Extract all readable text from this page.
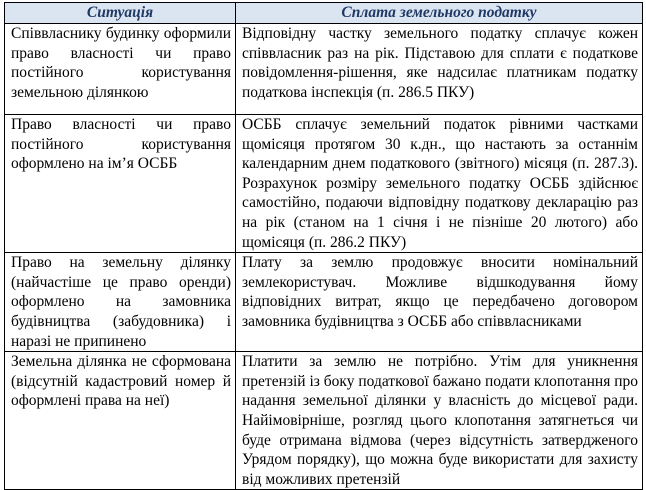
Ситуація	Сплата земельного податку
Співвласнику будинку оформили право власності чи право постійного користування земельною ділянкою	Відповідну частку земельного податку сплачує кожен співвласник раз на рік. Підставою для сплати є податкове повідомлення-рішення, яке надсилає платникам податку податкова інспекція (п. 286.5 ПКУ)
Право власності чи право постійного користування оформлено на ім’я ОСББ	ОСББ сплачує земельний податок рівними частками щомісяця протягом 30 к.дн., що настають за останнім календарним днем податкового (звітного) місяця (п. 287.3). Розрахунок розміру земельного податку ОСББ здійснює самостійно, подаючи відповідну податкову декларацію раз на рік (станом на 1 січня і не пізніше 20 лютого) або щомісяця (п. 286.2 ПКУ)
Право на земельну ділянку (найчастіше це право оренди) оформлено на замовника будівництва (забудовника) і наразі не припинено	Плату за землю продовжує вносити номінальний землекористувач. Можливе відшкодування йому відповідних витрат, якщо це передбачено договором замовника будівництва з ОСББ або співвласниками
Земельна ділянка не сформована (відсутній кадастровий номер й оформлені права на неї)	Платити за землю не потрібно. Утім для уникнення претензій із боку податкової бажано подати клопотання про надання земельної ділянки у власність до місцевої ради. Найімовірніше, розгляд цього клопотання затягнеться чи буде отримана відмова (через відсутність затвердженого Урядом порядку), що можна буде використати для захисту від можливих претензій
